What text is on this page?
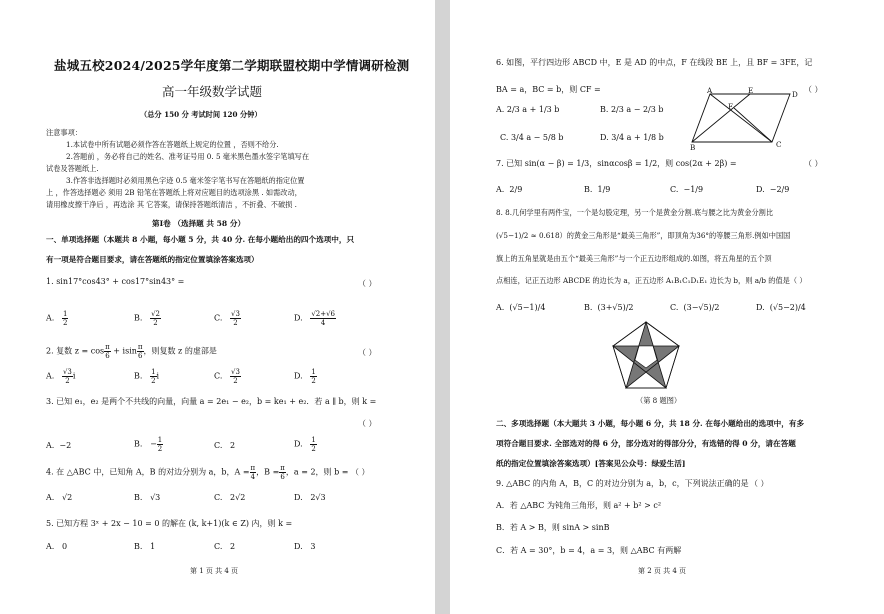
盐城五校2024/2025学年度第二学期联盟校期中学情调研检测
高一年级数学试题
（总分 150 分 考试时间 120 分钟）
注意事项：
1.本试卷中所有试题必须作答在答题纸上规定的位置 ，否则不给分.
2.答题前 ，务必将自己的姓名、准考证号用 0. 5 毫米黑色墨水签字笔填写在
试卷及答题纸上.
3.作答非选择题时必须用黑色字迹 0.5 毫米签字笔书写在答题纸的指定位置
上 ，作答选择题必 须用 2B 铅笔在答题纸上将对应题目的选项涂黑 . 如需改动，
请用橡皮擦干净后 ，再选涂 其 它答案，请保持答题纸清洁 ，不折叠、不破损 .
第Ⅰ卷 （选择题 共 58 分）
一、单项选择题（本题共 8 小题，每小题 5 分，共 40 分. 在每小题给出的四个选项中，只
有一项是符合题目要求，请在答题纸的指定位置填涂答案选项）
1. sin17°cos43° + cos17°sin43° =	（ ）
A. $\frac{1}{2}$	B. $\frac{√2}{2}$	C. $\frac{√3}{2}$	D. $\frac{√2+√6}{4}$
2. 复数 $z = \cos \frac{\pi}{6} + isin \frac{\pi}{6}$ ，则复数 z 的虚部是	（ ）
A. $\frac{√3}{2}$ i	B. $\frac{1}{2}$ i	C. $\frac{√3}{2}$	D. $\frac{1}{2}$
3. 已知 e₁，e₂ 是两个不共线的向量，向量 a = 2e₁ − e₂，b = ke₁ + e₂．若 a ∥ b，则 k =
（ ）
A. −2	B. − $\frac{1}{2}$	C. 2	D. $\frac{1}{2}$
4. 在 △ABC 中，已知角 A，B 的对边分别为 a，b，$A = \frac{\pi}{4}$ ，$B = \frac{\pi}{6}$ ，a = 2，则 b = （ ）
A. √2	B. √3	C. 2√2	D. 2√3
5. 已知方程 3ˣ + 2x − 10 = 0 的解在 (k, k+1)(k ∈ Z) 内，则 k =
A. 0	B. 1	C. 2	D. 3
第 1 页 共 4 页
6. 如图，平行四边形 ABCD 中，E 是 AD 的中点，F 在线段 BE 上，且 BF = 3FE，记
BA = a，BC = b，则 CF =	（ ）
A. 2/3 a + 1/3 b	B. 2/3 a − 2/3 b
C. 3/4 a − 5/8 b	D. 3/4 a + 1/8 b
A	E	D
F
B	C
7. 已知 sin(α − β) = 1/3，sinαcosβ = 1/2，则 cos(2α + 2β) =	（ ）
A. 2/9	B. 1/9	C. −1/9	D. −2/9
8. 8.几何学里有两件宝，一个是勾股定理，另一个是黄金分割.底与腰之比为黄金分割比
(√5−1)/2 ≈ 0.618）的黄金三角形是“最美三角形”，即顶角为36°的等腰三角形.例如中国国
旗上的五角星就是由五个“最美三角形”与一个正五边形组成的.如图，将五角星的五个顶
点相连，记正五边形 ABCDE 的边长为 a，正五边形 A₁B₁C₁D₁E₁ 边长为 b，则 a/b 的值是（ ）
A. (√5−1)/4	B. (3+√5)/2	C. (3−√5)/2	D. (√5−2)/4
（第 8 题图）
二、多项选择题（本大题共 3 小题，每小题 6 分，共 18 分. 在每小题给出的选项中，有多
项符合题目要求. 全部选对的得 6 分，部分选对的得部分分，有选错的得 0 分，请在答题
纸的指定位置填涂答案选项）[答案见公众号：绿爱生活]
9. △ABC 的内角 A，B，C 的对边分别为 a，b，c，下列说法正确的是 （ ）
A．若 △ABC 为钝角三角形，则 a² + b² > c²
B．若 A > B，则 sinA > sinB
C．若 A = 30°，b = 4，a = 3，则 △ABC 有两解
第 2 页 共 4 页
